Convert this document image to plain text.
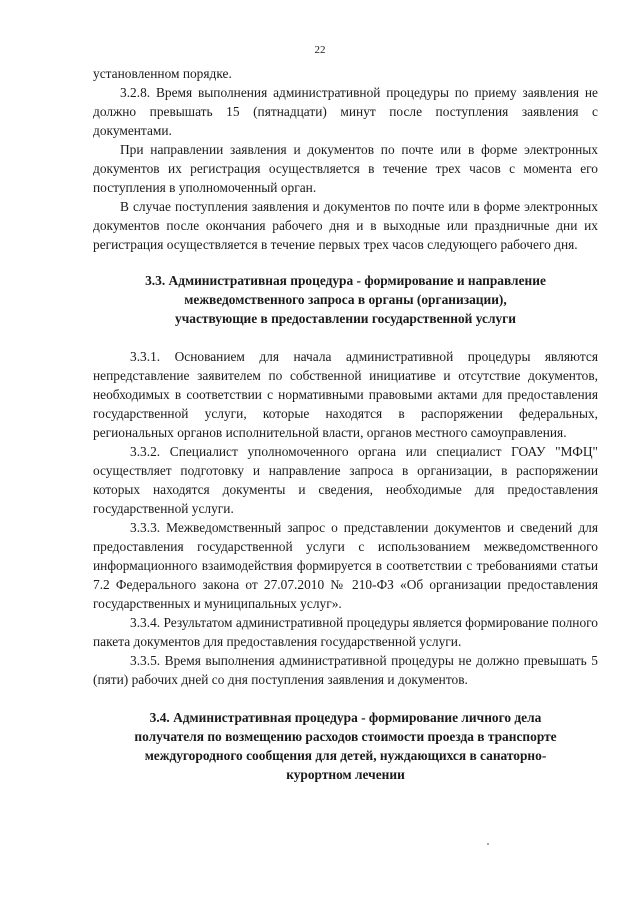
22

установленном порядке.

3.2.8. Время выполнения административной процедуры по приему заявления не должно превышать 15 (пятнадцати) минут после поступления заявления с документами.

При направлении заявления и документов по почте или в форме электронных документов их регистрация осуществляется в течение трех часов с момента его поступления в уполномоченный орган.

В случае поступления заявления и документов по почте или в форме электронных документов после окончания рабочего дня и в выходные или праздничные дни их регистрация осуществляется в течение первых трех часов следующего рабочего дня.

3.3. Административная процедура - формирование и направление

межведомственного запроса в органы (организации),

участвующие в предоставлении государственной услуги

3.3.1. Основанием для начала административной процедуры являются непредставление заявителем по собственной инициативе и отсутствие документов, необходимых в соответствии с нормативными правовыми актами для предоставления государственной услуги, которые находятся в распоряжении федеральных, региональных органов исполнительной власти, органов местного самоуправления.

3.3.2. Специалист уполномоченного органа или специалист ГОАУ "МФЦ" осуществляет подготовку и направление запроса в организации, в распоряжении которых находятся документы и сведения, необходимые для предоставления государственной услуги.

3.3.3. Межведомственный запрос о представлении документов и сведений для предоставления государственной услуги с использованием межведомственного информационного взаимодействия формируется в соответствии с требованиями статьи 7.2 Федерального закона от 27.07.2010 № 210-ФЗ «Об организации предоставления государственных и муниципальных услуг».

3.3.4. Результатом административной процедуры является формирование полного пакета документов для предоставления государственной услуги.

3.3.5. Время выполнения административной процедуры не должно превышать 5 (пяти) рабочих дней со дня поступления заявления и документов.

3.4. Административная процедура - формирование личного дела

получателя по возмещению расходов стоимости проезда в транспорте

междугородного сообщения для детей, нуждающихся в санаторно-

курортном лечении
